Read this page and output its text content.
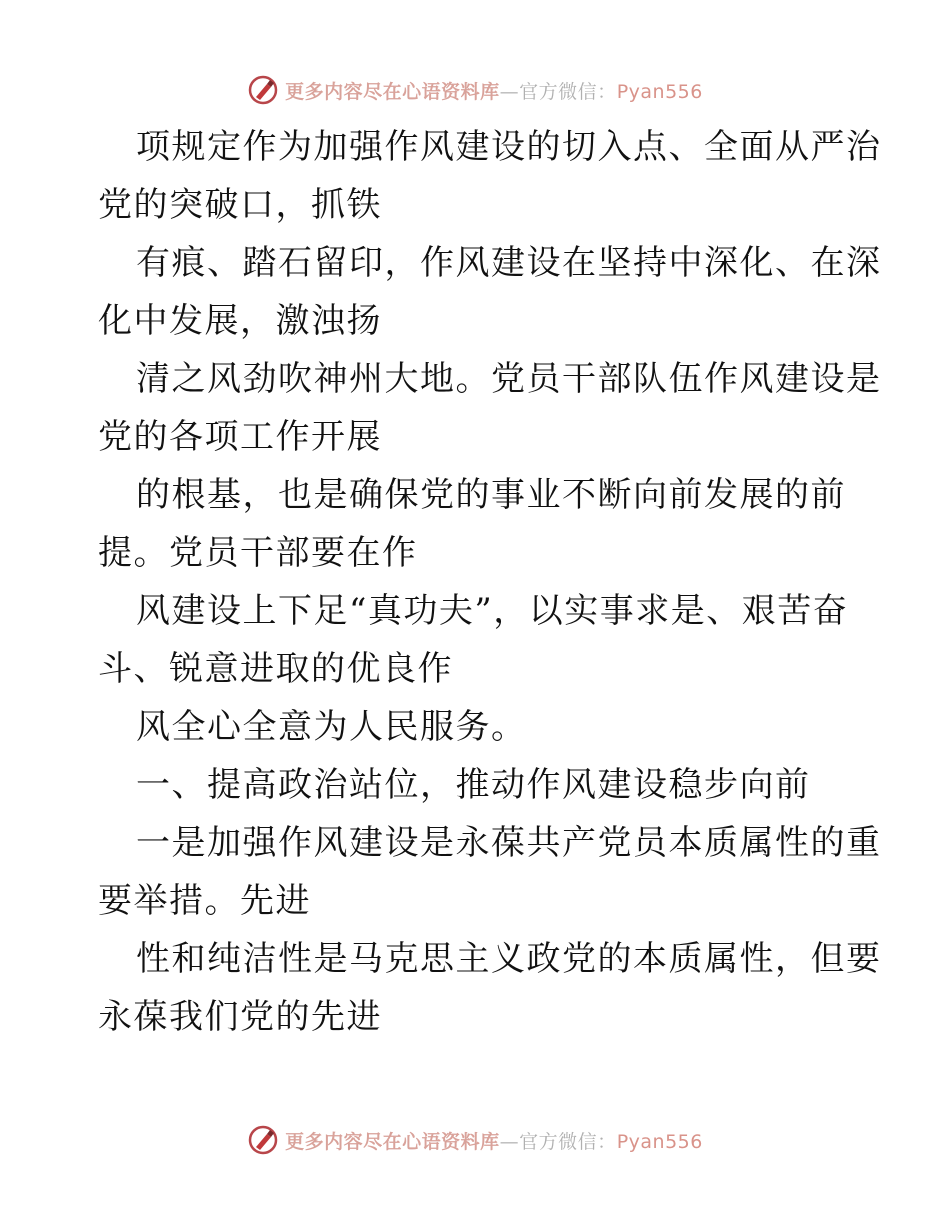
更多内容尽在心语资料库—官方微信：Pyan556
项规定作为加强作风建设的切入点、全面从严治
党的突破口，抓铁
有痕、踏石留印，作风建设在坚持中深化、在深
化中发展，激浊扬
清之风劲吹神州大地。党员干部队伍作风建设是
党的各项工作开展
的根基，也是确保党的事业不断向前发展的前
提。党员干部要在作
风建设上下足“真功夫”，以实事求是、艰苦奋
斗、锐意进取的优良作
风全心全意为人民服务。
一、提高政治站位，推动作风建设稳步向前
一是加强作风建设是永葆共产党员本质属性的重
要举措。先进
性和纯洁性是马克思主义政党的本质属性，但要
永葆我们党的先进
更多内容尽在心语资料库—官方微信：Pyan556
